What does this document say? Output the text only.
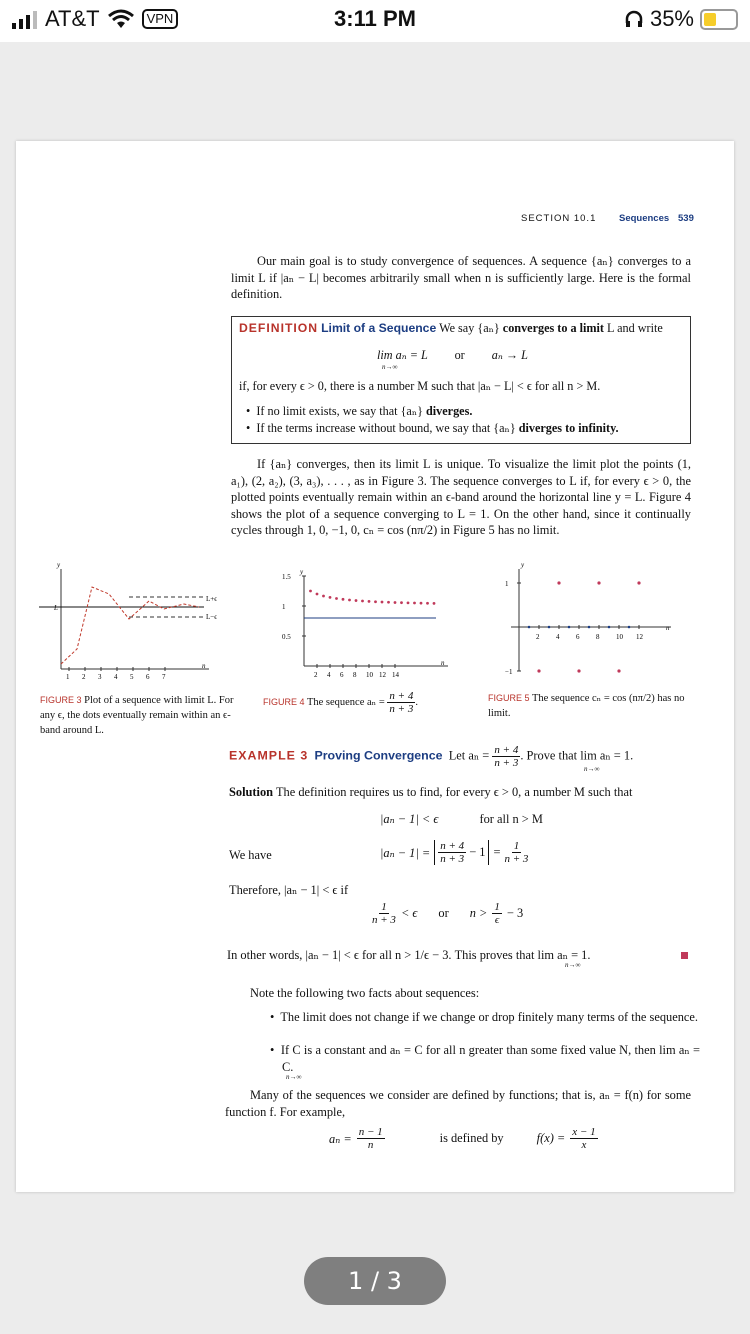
AT&T	VPN	3:11 PM	35%
SECTION 10.1 Sequences 539
Our main goal is to study convergence of sequences. A sequence {aₙ} converges to a limit L if |aₙ − L| becomes arbitrarily small when n is sufficiently large. Here is the formal definition.
DEFINITION Limit of a Sequence We say {aₙ} converges to a limit L and write
lim aₙ = L or aₙ → L
n→∞
if, for every ϵ > 0, there is a number M such that |aₙ − L| < ϵ for all n > M.
•  If no limit exists, we say that {aₙ} diverges.
•  If the terms increase without bound, we say that {aₙ} diverges to infinity.
If {aₙ} converges, then its limit L is unique. To visualize the limit plot the points (1, a₁), (2, a₂), (3, a₃), . . . , as in Figure 3. The sequence converges to L if, for every ϵ > 0, the plotted points eventually remain within an ϵ-band around the horizontal line y = L. Figure 4 shows the plot of a sequence converging to L = 1. On the other hand, since it continually cycles through 1, 0, −1, 0, cₙ = cos (nπ/2) in Figure 5 has no limit.
1 2 3 4 5 6 7
y
L
L+ϵ
L−ϵ
n
FIGURE 3 Plot of a sequence with limit L. For any ϵ, the dots eventually remain within an ϵ-band around L.
0.5
1
1.5
2 4 6 8 10 12 14
y
n
FIGURE 4 The sequence $a_n = \frac{n + 4}{n + 3}$ .
1
−1
2 4 6 8 10 12
y
n
FIGURE 5 The sequence cₙ = cos (nπ/2) has no limit.
EXAMPLE 3 Proving Convergence Let $a_n = \frac{n + 4}{n + 3}$ . Prove that lim aₙ = 1.
n→∞
Solution The definition requires us to find, for every ϵ > 0, a number M such that
|aₙ − 1| < ϵ	for all n > M
We have	$|a_n - 1| = \frac{n + 4}{n + 3} - 1 = \frac{1}{n + 3}$
Therefore, |aₙ − 1| < ϵ if
$\frac{1}{n + 3} < \epsilon$ or $n > \frac{1}{\epsilon} - 3$
In other words, |aₙ − 1| < ϵ for all n > 1/ϵ − 3. This proves that lim aₙ = 1.
n→∞
Note the following two facts about sequences:
•  The limit does not change if we change or drop finitely many terms of the sequence.
•  If C is a constant and aₙ = C for all n greater than some fixed value N, then lim aₙ = C.
n→∞
Many of the sequences we consider are defined by functions; that is, aₙ = f(n) for some function f. For example,
$a_n = \frac{n - 1}{n}$	is defined by	$f(x) = \frac{x - 1}{x}$
1 / 3
